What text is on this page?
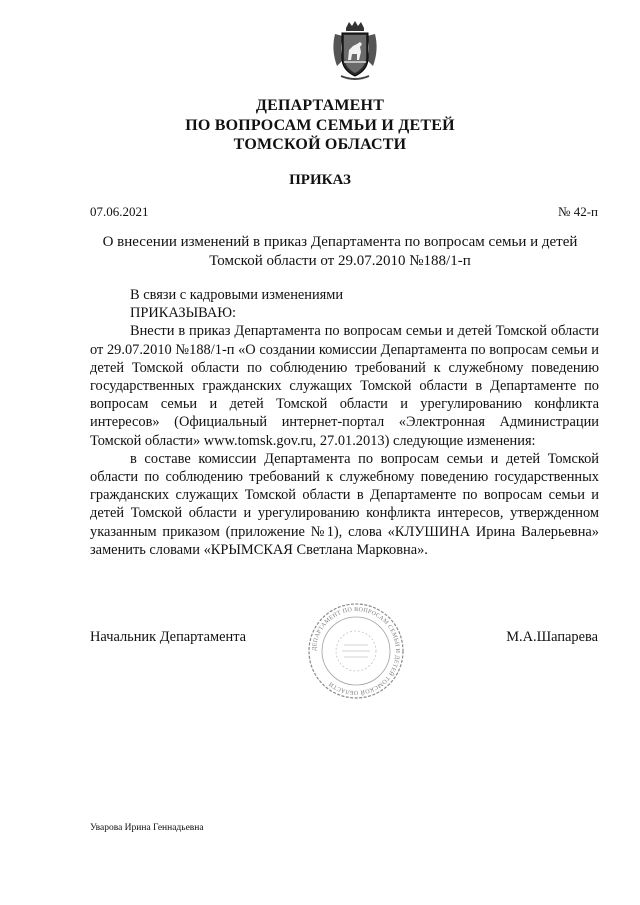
ДЕПАРТАМЕНТ
ПО ВОПРОСАМ СЕМЬИ И ДЕТЕЙ
ТОМСКОЙ ОБЛАСТИ
ПРИКАЗ
07.06.2021	№ 42-п
О внесении изменений в приказ Департамента по вопросам семьи и детей
Томской области от 29.07.2010 №188/1-п

В связи с кадровыми изменениями

ПРИКАЗЫВАЮ:

Внести в приказ Департамента по вопросам семьи и детей Томской области от 29.07.2010 №188/1-п «О создании комиссии Департамента по вопросам семьи и детей Томской области по соблюдению требований к служебному поведению государственных гражданских служащих Томской области в Департаменте по вопросам семьи и детей Томской области и урегулированию конфликта интересов» (Официальный интернет-портал «Электронная Администрации Томской области» www.tomsk.gov.ru, 27.01.2013) следующие изменения:

в составе комиссии Департамента по вопросам семьи и детей Томской области по соблюдению требований к служебному поведению государственных гражданских служащих Томской области в Департаменте по вопросам семьи и детей Томской области и урегулированию конфликта интересов, утвержденном указанным приказом (приложение №1), слова «КЛУШИНА Ирина Валерьевна» заменить словами «КРЫМСКАЯ Светлана Марковна».

Начальник Департамента	М.А.Шапарева
ДЕПАРТАМЕНТ ПО ВОПРОСАМ СЕМЬИ И ДЕТЕЙ ТОМСКОЙ ОБЛАСТИ
Уварова Ирина Геннадьевна
